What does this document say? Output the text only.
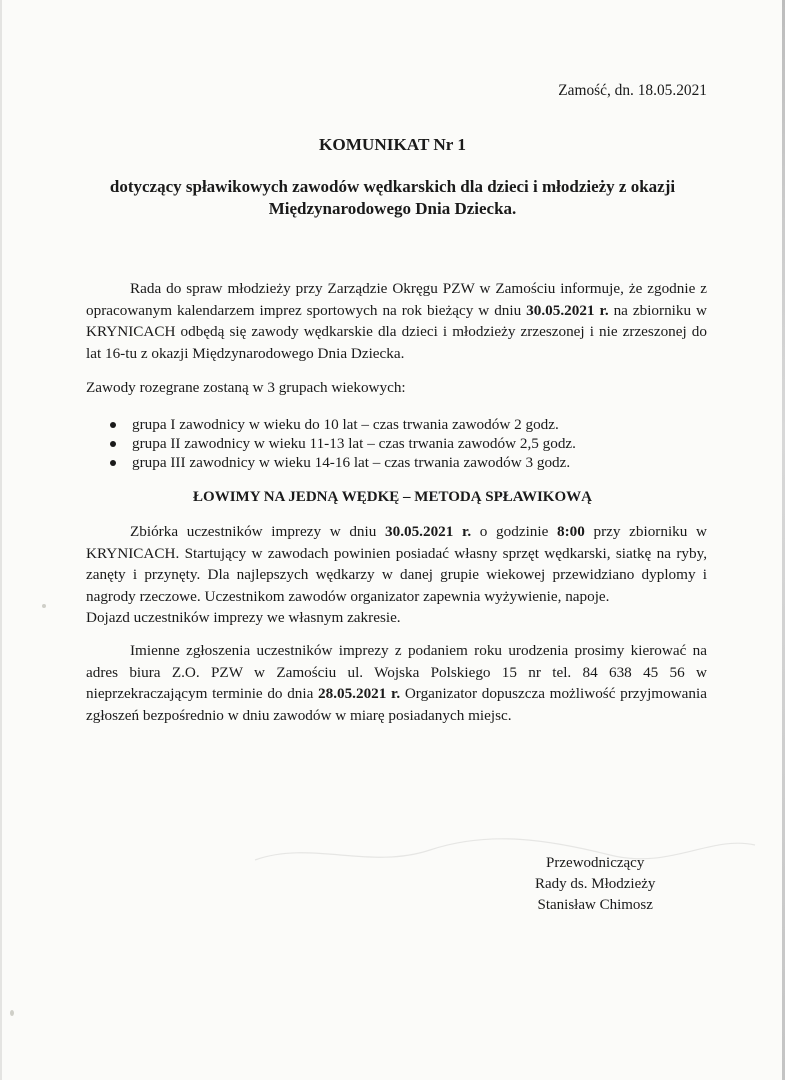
Zamość, dn. 18.05.2021
KOMUNIKAT Nr 1
dotyczący spławikowych zawodów wędkarskich dla dzieci i młodzieży z okazji
Międzynarodowego Dnia Dziecka.
Rada do spraw młodzieży przy Zarządzie Okręgu PZW w Zamościu informuje, że zgodnie z opracowanym kalendarzem imprez sportowych na rok bieżący w dniu 30.05.2021 r. na zbiorniku w KRYNICACH odbędą się zawody wędkarskie dla dzieci i młodzieży zrzeszonej i nie zrzeszonej do lat 16-tu z okazji Międzynarodowego Dnia Dziecka.
Zawody rozegrane zostaną w 3 grupach wiekowych:
grupa I zawodnicy w wieku do 10 lat – czas trwania zawodów 2 godz.
grupa II zawodnicy w wieku 11-13 lat – czas trwania zawodów 2,5 godz.
grupa III zawodnicy w wieku 14-16 lat – czas trwania zawodów 3 godz.
ŁOWIMY NA JEDNĄ WĘDKĘ – METODĄ SPŁAWIKOWĄ
Zbiórka uczestników imprezy w dniu 30.05.2021 r. o godzinie 8:00 przy zbiorniku w KRYNICACH. Startujący w zawodach powinien posiadać własny sprzęt wędkarski, siatkę na ryby, zanęty i przynęty. Dla najlepszych wędkarzy w danej grupie wiekowej przewidziano dyplomy i nagrody rzeczowe. Uczestnikom zawodów organizator zapewnia wyżywienie, napoje.
Dojazd uczestników imprezy we własnym zakresie.
Imienne zgłoszenia uczestników imprezy z podaniem roku urodzenia prosimy kierować na adres biura Z.O. PZW w Zamościu ul. Wojska Polskiego 15 nr tel. 84 638 45 56 w nieprzekraczającym terminie do dnia 28.05.2021 r. Organizator dopuszcza możliwość przyjmowania zgłoszeń bezpośrednio w dniu zawodów w miarę posiadanych miejsc.
Przewodniczący
Rady ds. Młodzieży
Stanisław Chimosz
